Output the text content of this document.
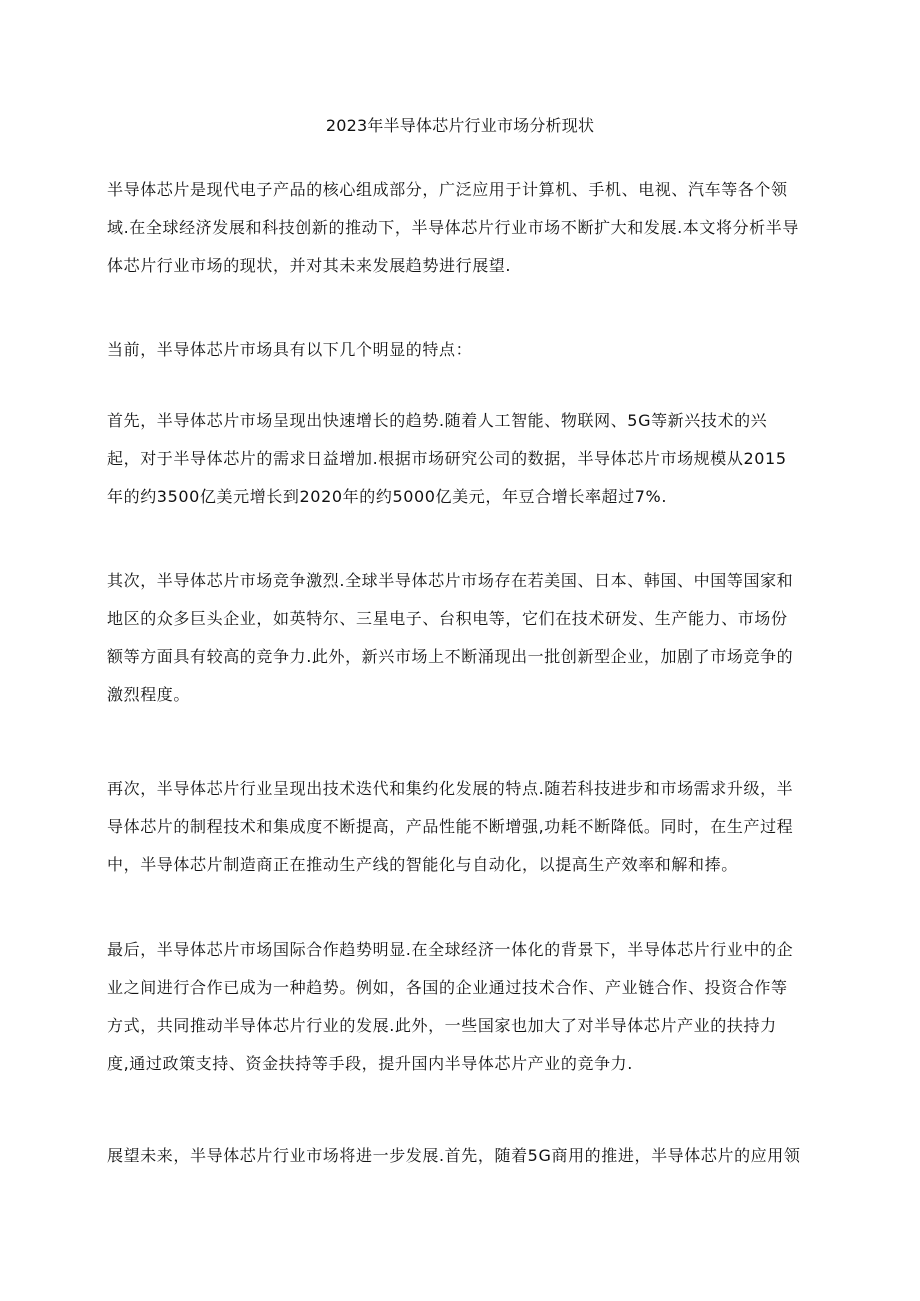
2023年半导体芯片行业市场分析现状
半导体芯片是现代电子产品的核心组成部分，广泛应用于计算机、手机、电视、汽车等各个领
域.在全球经济发展和科技创新的推动下，半导体芯片行业市场不断扩大和发展.本文将分析半导
体芯片行业市场的现状，并对其未来发展趋势进行展望.
当前，半导体芯片市场具有以下几个明显的特点：
首先，半导体芯片市场呈现出快速增长的趋势.随着人工智能、物联网、5G等新兴技术的兴
起，对于半导体芯片的需求日益增加.根据市场研究公司的数据，半导体芯片市场规模从2015
年的约3500亿美元增长到2020年的约5000亿美元，年豆合增长率超过7%.
其次，半导体芯片市场竞争激烈.全球半导体芯片市场存在若美国、日本、韩国、中国等国家和
地区的众多巨头企业，如英特尔、三星电子、台积电等，它们在技术研发、生产能力、市场份
额等方面具有较高的竞争力.此外，新兴市场上不断涌现出一批创新型企业，加剧了市场竞争的
激烈程度。
再次，半导体芯片行业呈现出技术迭代和集约化发展的特点.随若科技进步和市场需求升级，半
导体芯片的制程技术和集成度不断提高，产品性能不断增强,功耗不断降低。同时，在生产过程
中，半导体芯片制造商正在推动生产线的智能化与自动化，以提高生产效率和解和捧。
最后，半导体芯片市场国际合作趋势明显.在全球经济一体化的背景下，半导体芯片行业中的企
业之间进行合作已成为一种趋势。例如，各国的企业通过技术合作、产业链合作、投资合作等
方式，共同推动半导体芯片行业的发展.此外，一些国家也加大了对半导体芯片产业的扶持力
度,通过政策支持、资金扶持等手段，提升国内半导体芯片产业的竞争力.
展望未来，半导体芯片行业市场将进一步发展.首先，随着5G商用的推进，半导体芯片的应用领
